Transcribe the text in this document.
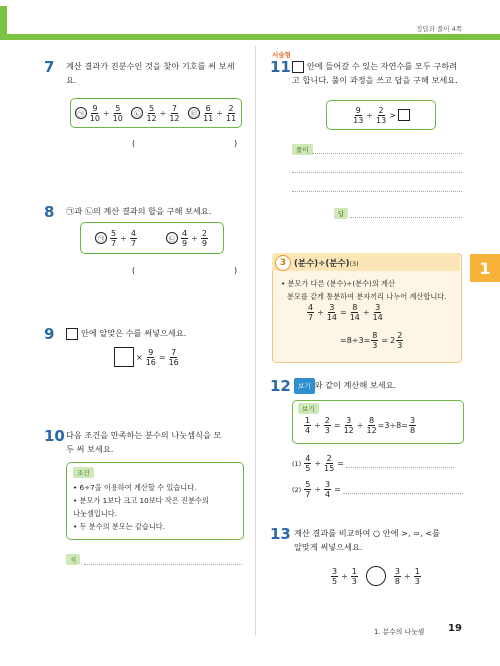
정답과 풀이 4쪽
1
7 계산 결과가 진분수인 것을 찾아 기호를 써 보세요.
㉠ $\frac{9}{10} \div \frac{5}{10}$	㉡ $\frac{5}{12} \div \frac{7}{12}$	㉢ $\frac{6}{11} \div \frac{2}{11}$
(	)
8 ㉠과 ㉡의 계산 결과의 합을 구해 보세요.
㉠ $\frac{5}{7} \div \frac{4}{7}$	㉡ $\frac{4}{9} \div \frac{2}{9}$
(	)
9	안에 알맞은 수를 써넣으세요.
× $\frac{9}{16} = \frac{7}{16}$
10 다음 조건을 만족하는 분수의 나눗셈식을 모
두 써 보세요.
조건
• 6÷7을 이용하여 계산할 수 있습니다.
• 분모가 1보다 크고 10보다 작은 진분수의
나눗셈입니다.
• 두 분수의 분모는 같습니다.
식
서술형
11	안에 들어갈 수 있는 자연수를 모두 구하려
고 합니다. 풀이 과정을 쓰고 답을 구해 보세요.
$\frac{9}{13} \div \frac{2}{13}$ >
풀이
답
3 (분수)÷(분수)(3)
• 분모가 다른 (분수)÷(분수)의 계산
분모를 같게 통분하여 분자끼리 나누어 계산합니다.
$\frac{4}{7} \div \frac{3}{14} = \frac{8}{14} \div \frac{3}{14}$
$=8\div 3= \frac{8}{3} = 2 \frac{2}{3}$
12	보기 와 같이 계산해 보세요.
보기
$\frac{1}{4} \div \frac{2}{3} = \frac{3}{12} \div \frac{8}{12} =3\div 8= \frac{3}{8}$
$(1) \frac{4}{5} \div \frac{2}{15}$ =
$(2) \frac{5}{7} \div \frac{3}{4}$ =
13 계산 결과를 비교하여 ○ 안에 >, =, <를
알맞게 써넣으세요.
$\frac{3}{5} \div \frac{1}{3}$	$\frac{3}{8} \div \frac{1}{3}$
1. 분수의 나눗셈 19
